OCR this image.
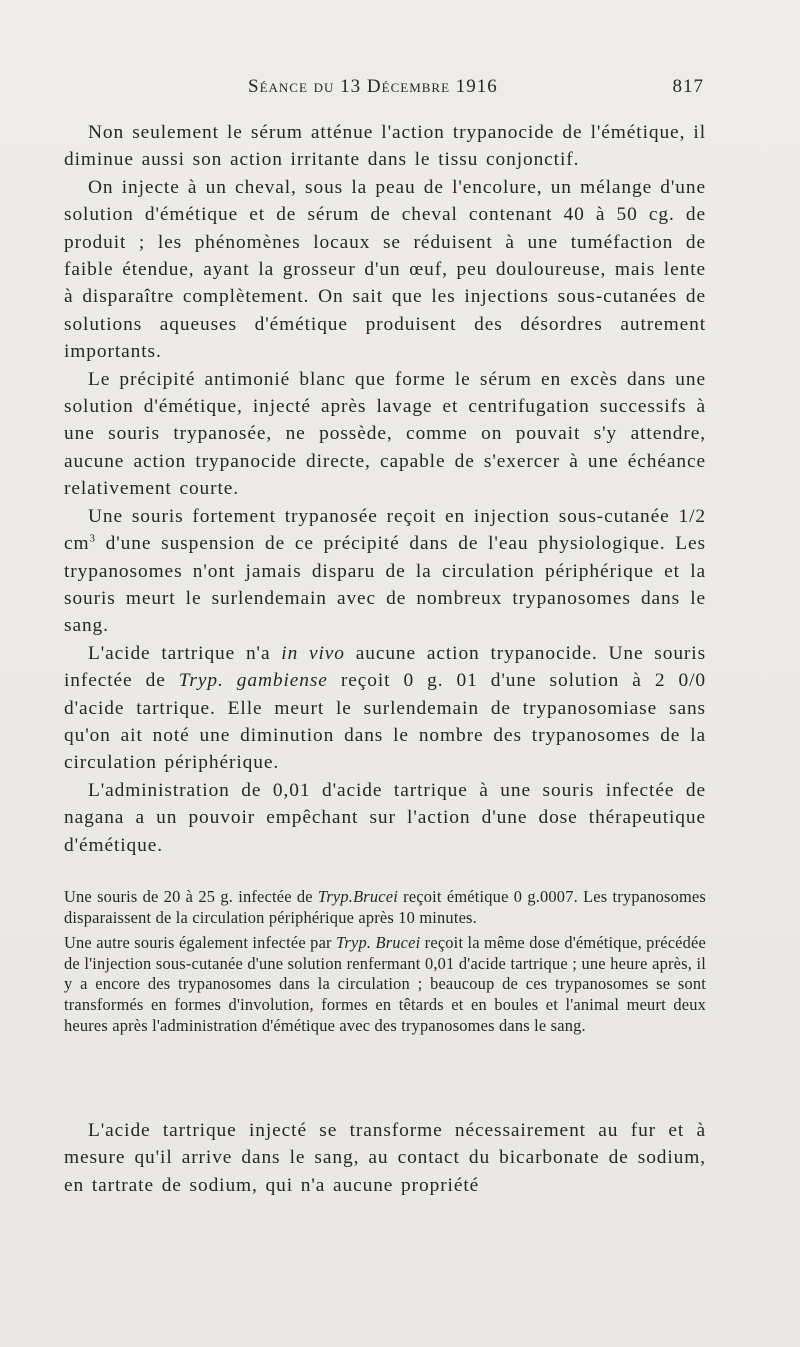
Séance du 13 Décembre 1916	817

Non seulement le sérum atténue l'action trypanocide de l'émétique, il diminue aussi son action irritante dans le tissu conjonctif.

On injecte à un cheval, sous la peau de l'encolure, un mélange d'une solution d'émétique et de sérum de cheval contenant 40 à 50 cg. de produit ; les phénomènes locaux se réduisent à une tuméfaction de faible étendue, ayant la grosseur d'un œuf, peu douloureuse, mais lente à disparaître complètement. On sait que les injections sous-cutanées de solutions aqueuses d'émétique produisent des désordres autrement importants.

Le précipité antimonié blanc que forme le sérum en excès dans une solution d'émétique, injecté après lavage et centrifugation successifs à une souris trypanosée, ne possède, comme on pouvait s'y attendre, aucune action trypanocide directe, capable de s'exercer à une échéance relativement courte.

Une souris fortement trypanosée reçoit en injection sous-cutanée 1/2 $cm^3$ d'une suspension de ce précipité dans de l'eau physiologique. Les trypanosomes n'ont jamais disparu de la circulation périphérique et la souris meurt le surlendemain avec de nombreux trypanosomes dans le sang.

L'acide tartrique n'a in vivo aucune action trypanocide. Une souris infectée de Tryp. gambiense reçoit 0 g. 01 d'une solution à 2 0/0 d'acide tartrique. Elle meurt le surlendemain de trypanosomiase sans qu'on ait noté une diminution dans le nombre des trypanosomes de la circulation périphérique.

L'administration de 0,01 d'acide tartrique à une souris infectée de nagana a un pouvoir empêchant sur l'action d'une dose thérapeutique d'émétique.

Une souris de 20 à 25 g. infectée de Tryp.Brucei reçoit émétique 0 g.0007. Les trypanosomes disparaissent de la circulation périphérique après 10 minutes.

Une autre souris également infectée par Tryp. Brucei reçoit la même dose d'émétique, précédée de l'injection sous-cutanée d'une solution renfermant 0,01 d'acide tartrique ; une heure après, il y a encore des trypanosomes dans la circulation ; beaucoup de ces trypanosomes se sont transformés en formes d'involution, formes en têtards et en boules et l'animal meurt deux heures après l'administration d'émétique avec des trypanosomes dans le sang.

L'acide tartrique injecté se transforme nécessairement au fur et à mesure qu'il arrive dans le sang, au contact du bicarbonate de sodium, en tartrate de sodium, qui n'a aucune propriété
